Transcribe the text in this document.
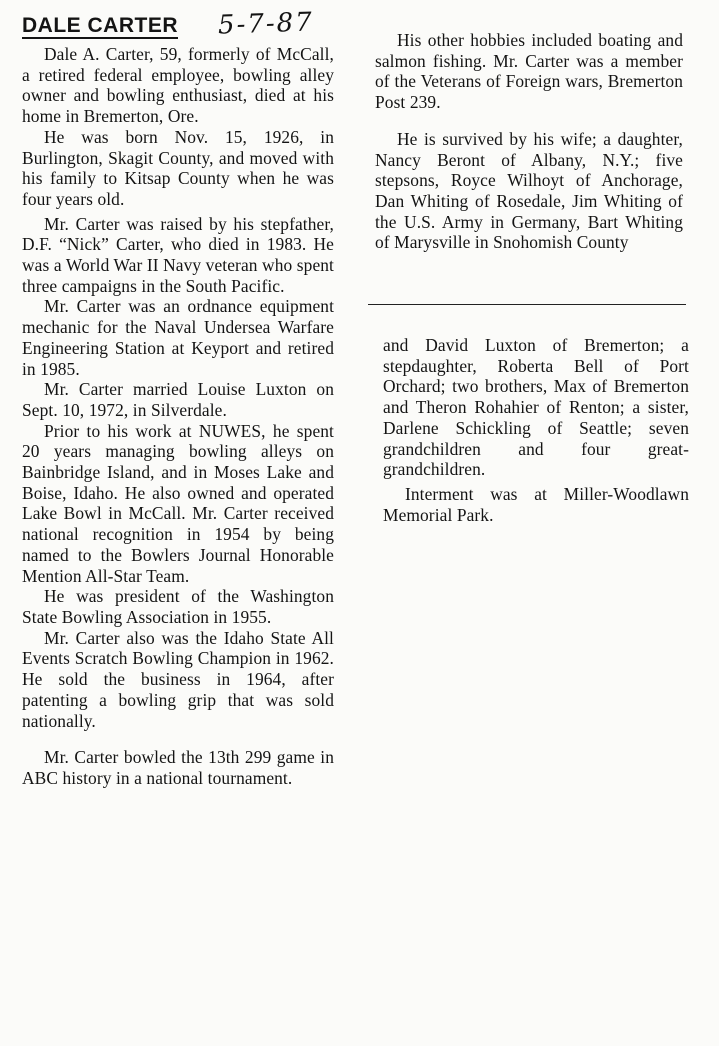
DALE CARTER 5-7-87

Dale A. Carter, 59, formerly of McCall, a retired federal employee, bowling alley owner and bowling enthusiast, died at his home in Bremerton, Ore.

He was born Nov. 15, 1926, in Burlington, Skagit County, and moved with his family to Kitsap County when he was four years old.

Mr. Carter was raised by his stepfather, D.F. “Nick” Carter, who died in 1983. He was a World War II Navy veteran who spent three campaigns in the South Pacific.

Mr. Carter was an ordnance equipment mechanic for the Naval Undersea Warfare Engineering Station at Keyport and retired in 1985.

Mr. Carter married Louise Luxton on Sept. 10, 1972, in Silverdale.

Prior to his work at NUWES, he spent 20 years managing bowling alleys on Bainbridge Island, and in Moses Lake and Boise, Idaho. He also owned and operated Lake Bowl in McCall. Mr. Carter received national recognition in 1954 by being named to the Bowlers Journal Honorable Mention All-Star Team.

He was president of the Washington State Bowling Association in 1955.

Mr. Carter also was the Idaho State All Events Scratch Bowling Champion in 1962. He sold the business in 1964, after patenting a bowling grip that was sold nationally.

Mr. Carter bowled the 13th 299 game in ABC history in a national tournament.

His other hobbies included boating and salmon fishing. Mr. Carter was a member of the Veterans of Foreign wars, Bremerton Post 239.

He is survived by his wife; a daughter, Nancy Beront of Albany, N.Y.; five stepsons, Royce Wilhoyt of Anchorage, Dan Whiting of Rosedale, Jim Whiting of the U.S. Army in Germany, Bart Whiting of Marysville in Snohomish County

and David Luxton of Bremerton; a stepdaughter, Roberta Bell of Port Orchard; two brothers, Max of Bremerton and Theron Rohahier of Renton; a sister, Darlene Schickling of Seattle; seven grandchildren and four great-grandchildren.

Interment was at Miller-Woodlawn Memorial Park.
